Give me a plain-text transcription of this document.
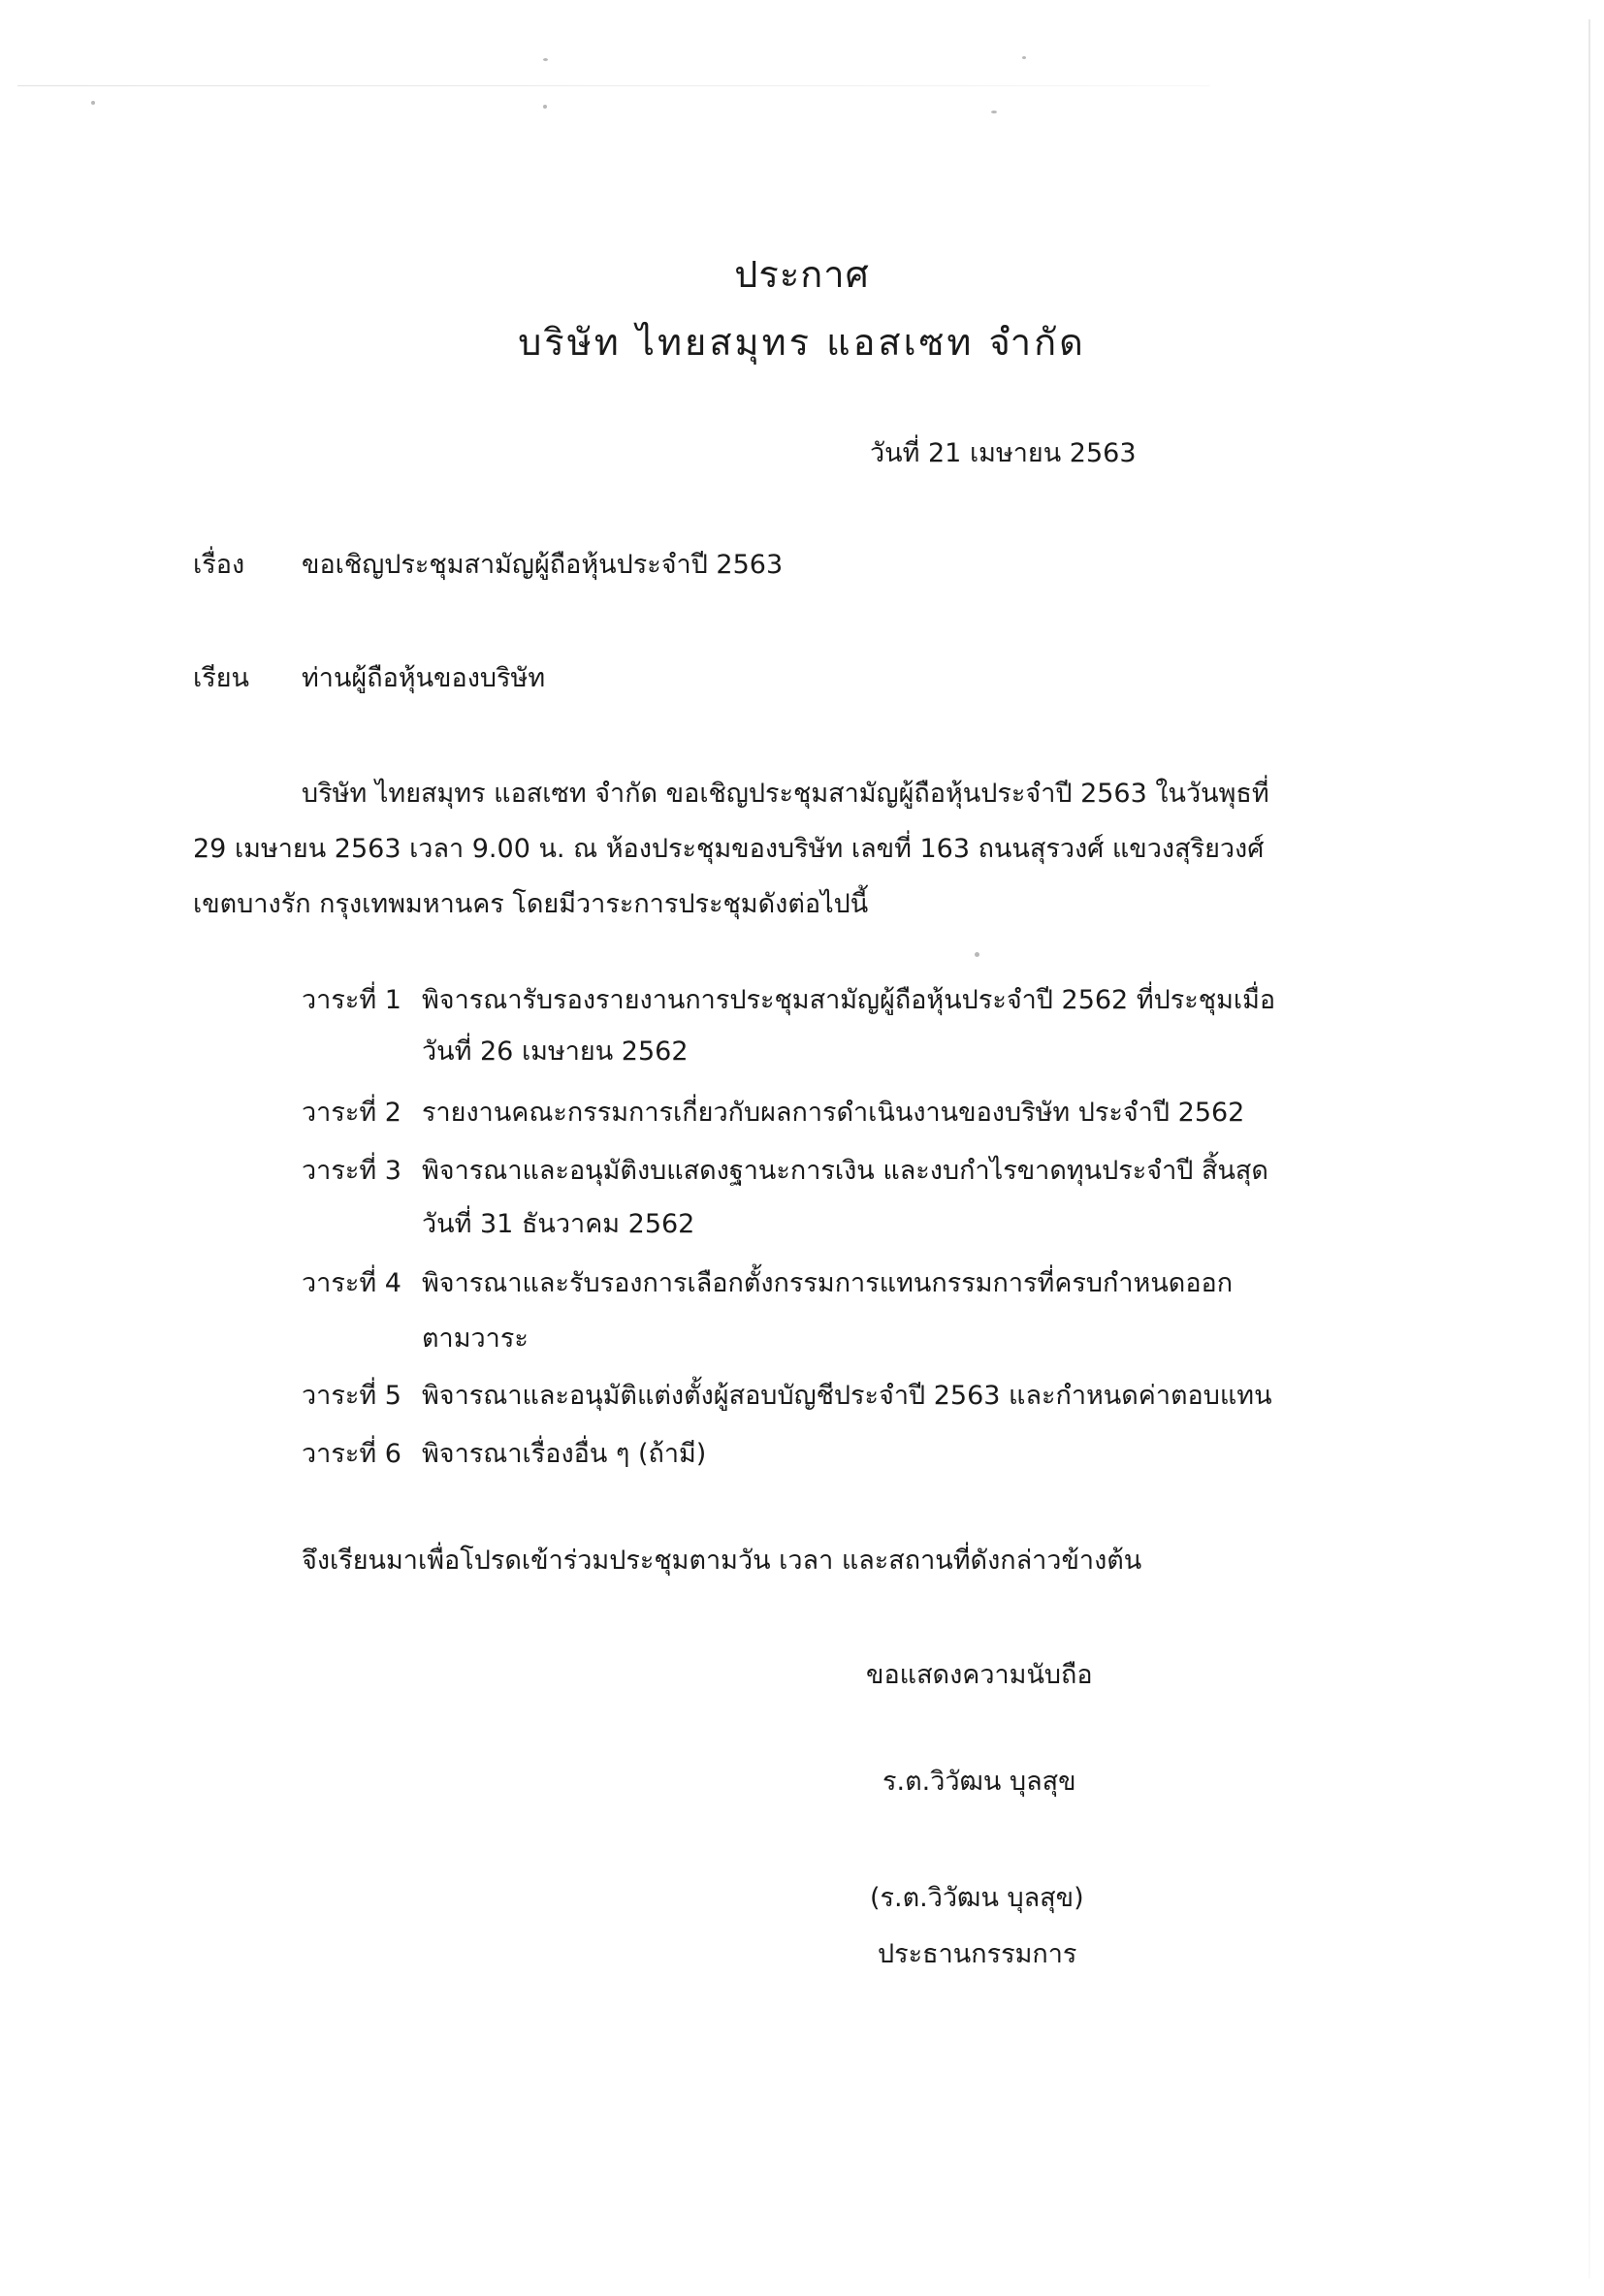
ประกาศ
บริษัท ไทยสมุทร แอสเซท จำกัด
วันที่ 21 เมษายน 2563
เรื่อง ขอเชิญประชุมสามัญผู้ถือหุ้นประจำปี 2563
เรียน ท่านผู้ถือหุ้นของบริษัท
บริษัท ไทยสมุทร แอสเซท จำกัด ขอเชิญประชุมสามัญผู้ถือหุ้นประจำปี 2563 ในวันพุธที่
29 เมษายน 2563 เวลา 9.00 น. ณ ห้องประชุมของบริษัท เลขที่ 163 ถนนสุรวงศ์ แขวงสุริยวงศ์
เขตบางรัก กรุงเทพมหานคร โดยมีวาระการประชุมดังต่อไปนี้
วาระที่ 1 พิจารณารับรองรายงานการประชุมสามัญผู้ถือหุ้นประจำปี 2562 ที่ประชุมเมื่อ
วันที่ 26 เมษายน 2562
วาระที่ 2 รายงานคณะกรรมการเกี่ยวกับผลการดำเนินงานของบริษัท ประจำปี 2562
วาระที่ 3 พิจารณาและอนุมัติงบแสดงฐานะการเงิน และงบกำไรขาดทุนประจำปี สิ้นสุด
วันที่ 31 ธันวาคม 2562
วาระที่ 4 พิจารณาและรับรองการเลือกตั้งกรรมการแทนกรรมการที่ครบกำหนดออก
ตามวาระ
วาระที่ 5 พิจารณาและอนุมัติแต่งตั้งผู้สอบบัญชีประจำปี 2563 และกำหนดค่าตอบแทน
วาระที่ 6 พิจารณาเรื่องอื่น ๆ (ถ้ามี)
จึงเรียนมาเพื่อโปรดเข้าร่วมประชุมตามวัน เวลา และสถานที่ดังกล่าวข้างต้น
ขอแสดงความนับถือ
ร.ต.วิวัฒน บุลสุข
(ร.ต.วิวัฒน บุลสุข)
ประธานกรรมการ
